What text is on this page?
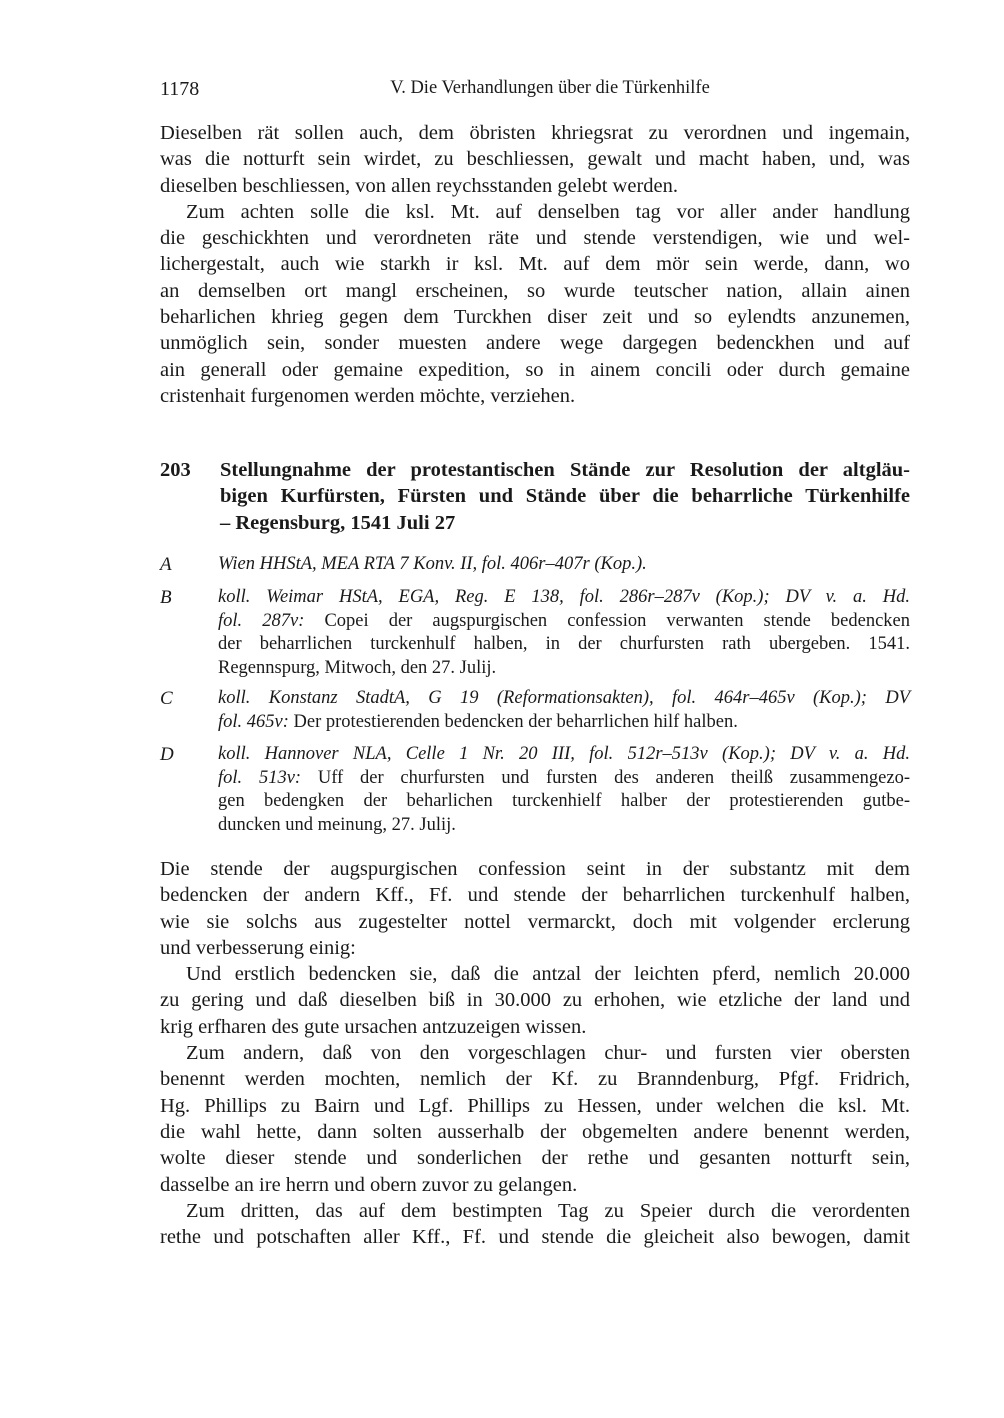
1178	V. Die Verhandlungen über die Türkenhilfe
Dieselben rät sollen auch, dem öbristen khriegsrat zu verordnen und ingemain,
was die notturft sein wirdet, zu beschliessen, gewalt und macht haben, und, was
dieselben beschliessen, von allen reychsstanden gelebt werden.
Zum achten solle die ksl. Mt. auf denselben tag vor aller ander handlung
die geschickhten und verordneten räte und stende verstendigen, wie und wel-
lichergestalt, auch wie starkh ir ksl. Mt. auf dem mör sein werde, dann, wo
an demselben ort mangl erscheinen, so wurde teutscher nation, allain ainen
beharlichen khrieg gegen dem Turckhen diser zeit und so eylendts anzunemen,
unmöglich sein, sonder muesten andere wege dargegen bedenckhen und auf
ain generall oder gemaine expedition, so in ainem concili oder durch gemaine
cristenhait furgenomen werden möchte, verziehen.
203 Stellungnahme der protestantischen Stände zur Resolution der altgläu-
bigen Kurfürsten, Fürsten und Stände über die beharrliche Türkenhilfe
– Regensburg, 1541 Juli 27
A	Wien HHStA, MEA RTA 7 Konv. II, fol. 406r–407r (Kop.).
B	koll. Weimar HStA, EGA, Reg. E 138, fol. 286r–287v (Kop.); DV v. a. Hd.
fol. 287v: Copei der augspurgischen confession verwanten stende bedencken
der beharrlichen turckenhulf halben, in der churfursten rath ubergeben. 1541.
Regennspurg, Mitwoch, den 27. Julij.
C koll. Konstanz StadtA, G 19 (Reformationsakten), fol. 464r–465v (Kop.); DV
fol. 465v: Der protestierenden bedencken der beharrlichen hilf halben.
D koll. Hannover NLA, Celle 1 Nr. 20 III, fol. 512r–513v (Kop.); DV v. a. Hd.
fol. 513v: Uff der churfursten und fursten des anderen theilß zusammengezo-
gen bedengken der beharlichen turckenhielf halber der protestierenden gutbe-
duncken und meinung, 27. Julij.
Die stende der augspurgischen confession seint in der substantz mit dem
bedencken der andern Kff., Ff. und stende der beharrlichen turckenhulf halben,
wie sie solchs aus zugestelter nottel vermarckt, doch mit volgender erclerung
und verbesserung einig:
Und erstlich bedencken sie, daß die antzal der leichten pferd, nemlich 20.000
zu gering und daß dieselben biß in 30.000 zu erhohen, wie etzliche der land und
krig erfharen des gute ursachen antzuzeigen wissen.
Zum andern, daß von den vorgeschlagen chur- und fursten vier obersten
benennt werden mochten, nemlich der Kf. zu Branndenburg, Pfgf. Fridrich,
Hg. Phillips zu Bairn und Lgf. Phillips zu Hessen, under welchen die ksl. Mt.
die wahl hette, dann solten ausserhalb der obgemelten andere benennt werden,
wolte dieser stende und sonderlichen der rethe und gesanten notturft sein,
dasselbe an ire herrn und obern zuvor zu gelangen.
Zum dritten, das auf dem bestimpten Tag zu Speier durch die verordenten
rethe und potschaften aller Kff., Ff. und stende die gleicheit also bewogen, damit
